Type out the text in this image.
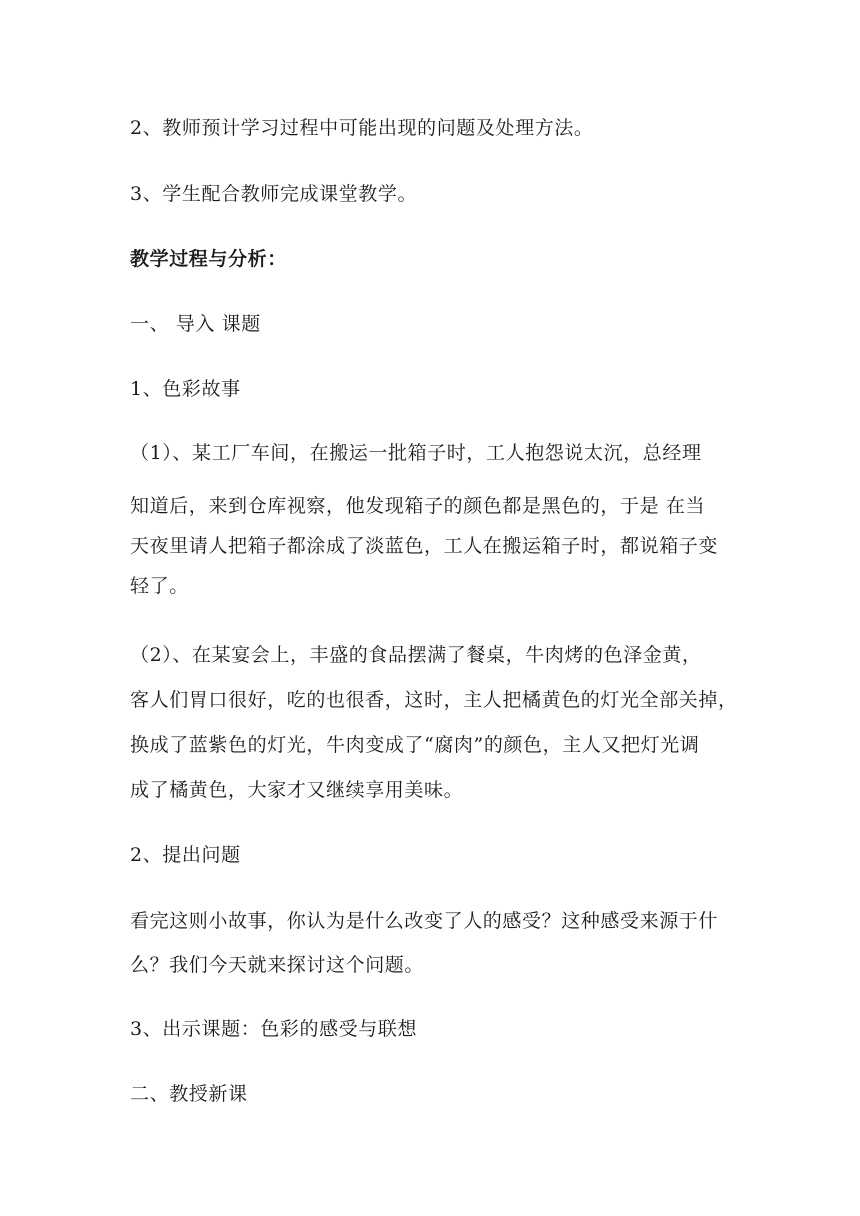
2、教师预计学习过程中可能出现的问题及处理方法。
3、学生配合教师完成课堂教学。
教学过程与分析：
一、 导入 课题
1、色彩故事
（1）、某工厂车间，在搬运一批箱子时，工人抱怨说太沉，总经理
知道后，来到仓库视察，他发现箱子的颜色都是黑色的，于是 在当
天夜里请人把箱子都涂成了淡蓝色，工人在搬运箱子时，都说箱子变
轻了。
（2）、在某宴会上，丰盛的食品摆满了餐桌，牛肉烤的色泽金黄，
客人们胃口很好，吃的也很香，这时，主人把橘黄色的灯光全部关掉，
换成了蓝紫色的灯光，牛肉变成了“腐肉”的颜色，主人又把灯光调
成了橘黄色，大家才又继续享用美味。
2、提出问题
看完这则小故事，你认为是什么改变了人的感受？这种感受来源于什
么？我们今天就来探讨这个问题。
3、出示课题：色彩的感受与联想
二、教授新课
